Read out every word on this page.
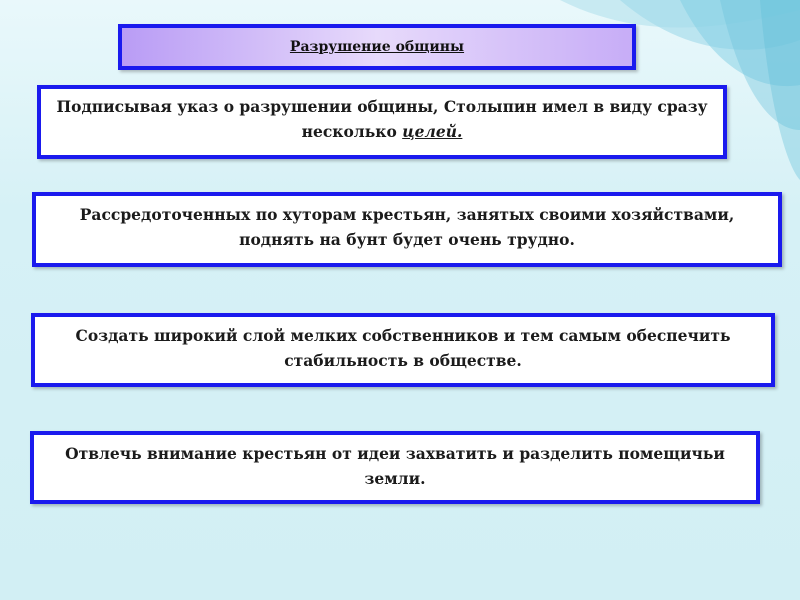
Разрушение общины

Подписывая указ о разрушении общины, Столыпин имел в виду сразу несколько целей.

Рассредоточенных по хуторам крестьян, занятых своими хозяйствами, поднять на бунт будет очень трудно.

Создать широкий слой мелких собственников и тем самым обеспечить стабильность в обществе.

Отвлечь внимание крестьян от идеи захватить и разделить помещичьи земли.
